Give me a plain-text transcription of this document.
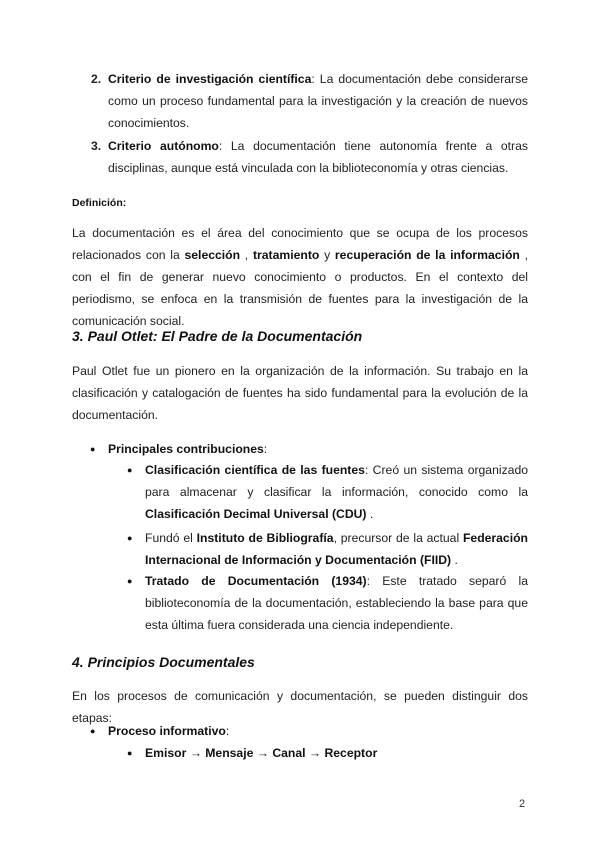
2. Criterio de investigación científica: La documentación debe considerarse como un proceso fundamental para la investigación y la creación de nuevos conocimientos.

3. Criterio autónomo: La documentación tiene autonomía frente a otras disciplinas, aunque está vinculada con la biblioteconomía y otras ciencias.

Definición:

La documentación es el área del conocimiento que se ocupa de los procesos relacionados con la selección , tratamiento y recuperación de la información , con el fin de generar nuevo conocimiento o productos. En el contexto del periodismo, se enfoca en la transmisión de fuentes para la investigación de la comunicación social.

3. Paul Otlet: El Padre de la Documentación

Paul Otlet fue un pionero en la organización de la información. Su trabajo en la clasificación y catalogación de fuentes ha sido fundamental para la evolución de la documentación.

● Principales contribuciones:

● Clasificación científica de las fuentes: Creó un sistema organizado para almacenar y clasificar la información, conocido como la Clasificación Decimal Universal (CDU) .

● Fundó el Instituto de Bibliografía, precursor de la actual Federación Internacional de Información y Documentación (FIID) .

● Tratado de Documentación (1934): Este tratado separó la biblioteconomía de la documentación, estableciendo la base para que esta última fuera considerada una ciencia independiente.

4. Principios Documentales

En los procesos de comunicación y documentación, se pueden distinguir dos etapas:

● Proceso informativo:

● Emisor → Mensaje → Canal → Receptor

2
